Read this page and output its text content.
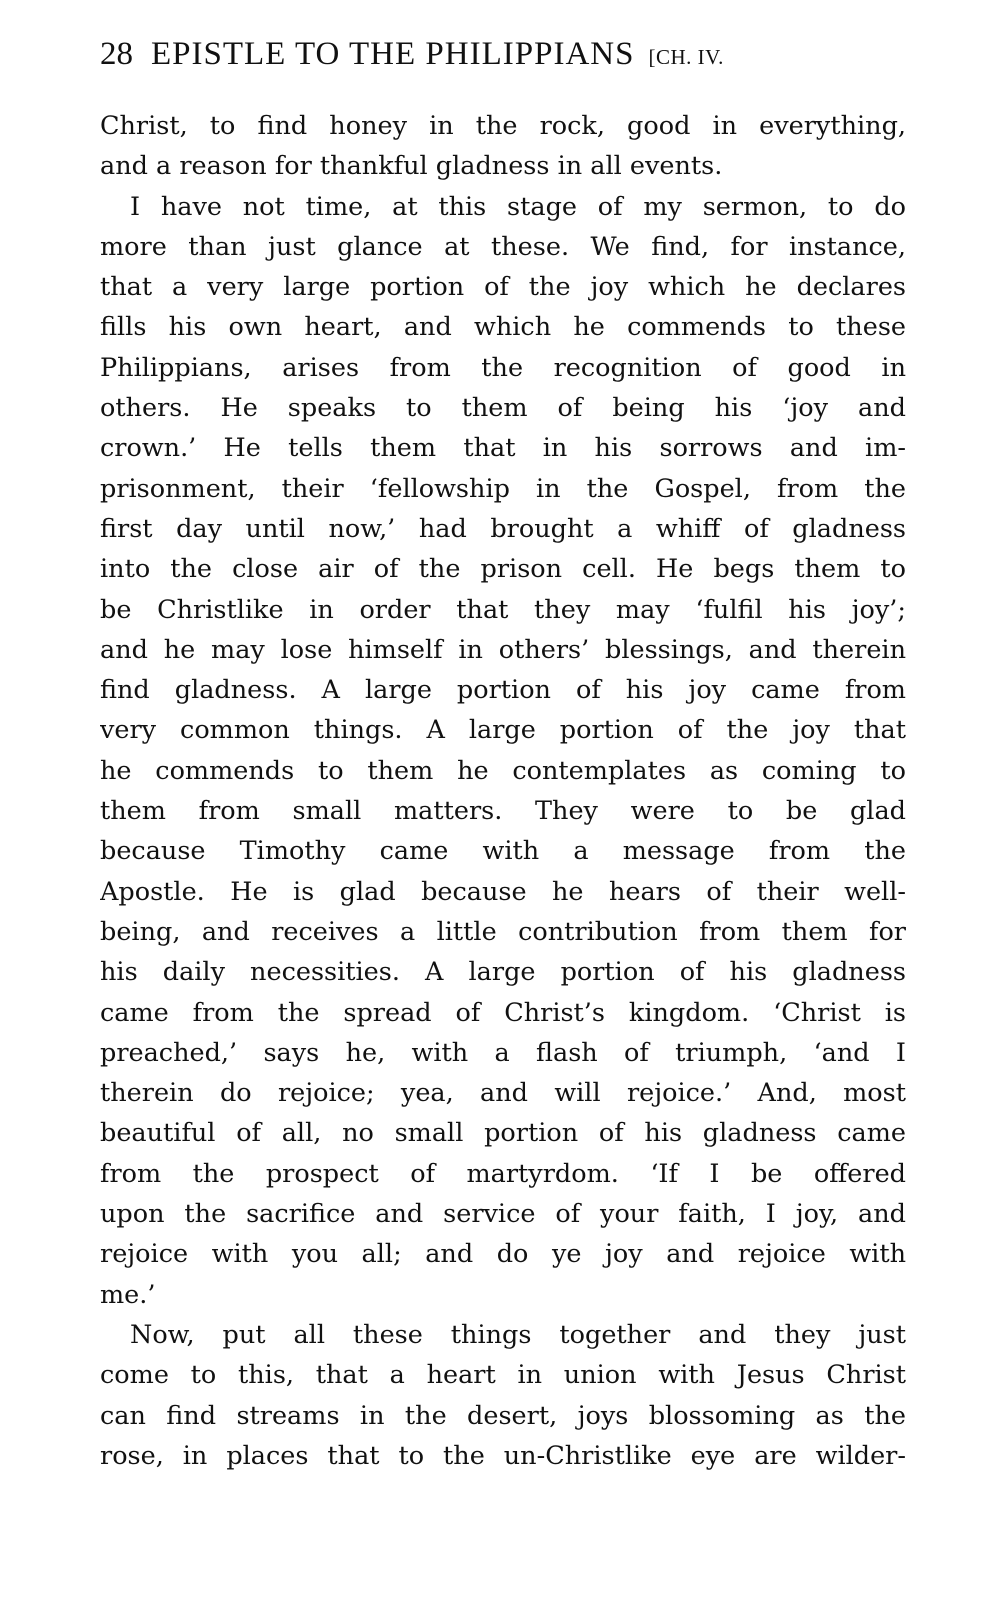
28 EPISTLE TO THE PHILIPPIANS [CH. IV.
Christ, to find honey in the rock, good in everything,
and a reason for thankful gladness in all events.
I have not time, at this stage of my sermon, to do
more than just glance at these. We find, for instance,
that a very large portion of the joy which he declares
fills his own heart, and which he commends to these
Philippians, arises from the recognition of good in
others. He speaks to them of being his ‘joy and
crown.’ He tells them that in his sorrows and im-
prisonment, their ‘fellowship in the Gospel, from the
first day until now,’ had brought a whiff of gladness
into the close air of the prison cell. He begs them to
be Christlike in order that they may ‘fulfil his joy’;
and he may lose himself in others’ blessings, and therein
find gladness. A large portion of his joy came from
very common things. A large portion of the joy that
he commends to them he contemplates as coming to
them from small matters. They were to be glad
because Timothy came with a message from the
Apostle. He is glad because he hears of their well-
being, and receives a little contribution from them for
his daily necessities. A large portion of his gladness
came from the spread of Christ’s kingdom. ‘Christ is
preached,’ says he, with a flash of triumph, ‘and I
therein do rejoice; yea, and will rejoice.’ And, most
beautiful of all, no small portion of his gladness came
from the prospect of martyrdom. ‘If I be offered
upon the sacrifice and service of your faith, I joy, and
rejoice with you all; and do ye joy and rejoice with
me.’
Now, put all these things together and they just
come to this, that a heart in union with Jesus Christ
can find streams in the desert, joys blossoming as the
rose, in places that to the un-Christlike eye are wilder-
